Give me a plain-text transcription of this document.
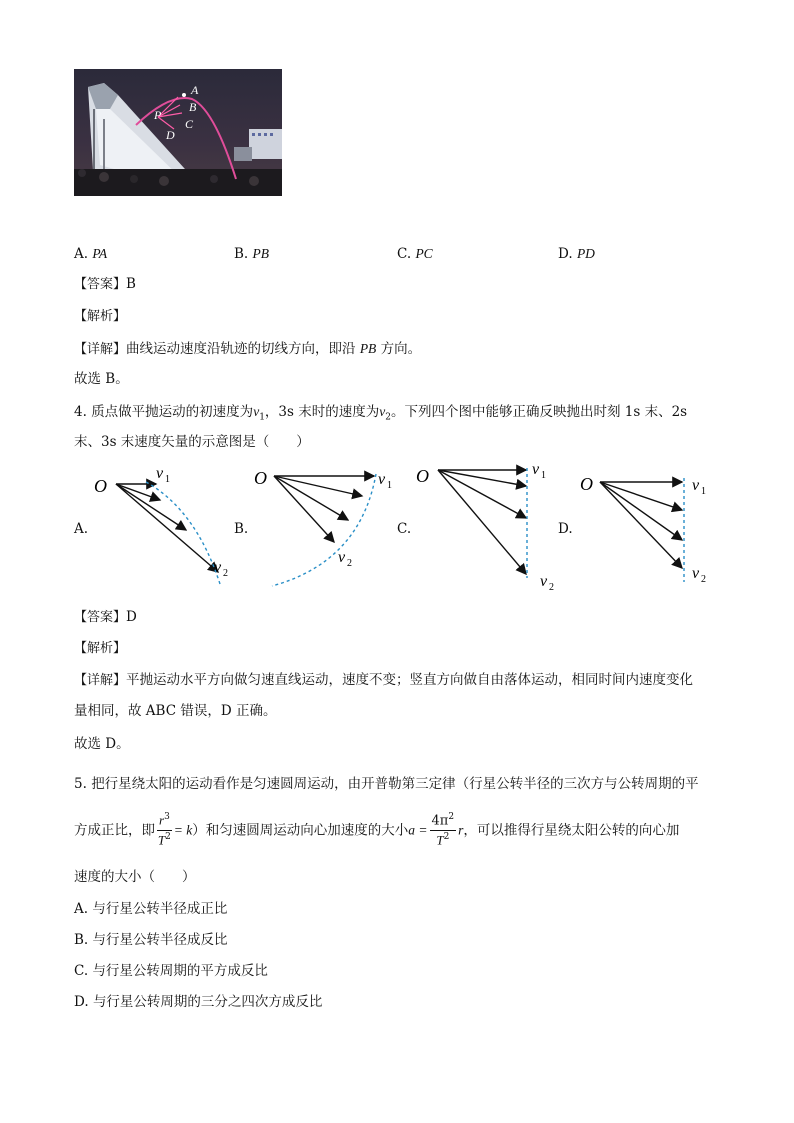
A
B
C
P
D
A. PA	B. PB	C. PC	D. PD
【答案】B
【解析】
【详解】曲线运动速度沿轨迹的切线方向，即沿 PB 方向。
故选 B。
4. 质点做平抛运动的初速度为$v_1$，3s 末时的速度为$v_2$。下列四个图中能够正确反映抛出时刻 1s 末、2s
末、3s 末速度矢量的示意图是（　　）
A.	B.	C.	D.
O
v 1
v 2
O	v 1
v 2
O	v 1
v 2
O	v 1
v 2
【答案】D
【解析】
【详解】平抛运动水平方向做匀速直线运动，速度不变；竖直方向做自由落体运动，相同时间内速度变化
量相同，故 ABC 错误，D 正确。
故选 D。
5. 把行星绕太阳的运动看作是匀速圆周运动，由开普勒第三定律（行星公转半径的三次方与公转周期的平
方成正比，即 $\frac{r^3}{T^2} = k$）和匀速圆周运动向心加速度的大小$a = \frac{4\pi^2}{T^2}$ r，可以推得行星绕太阳公转的向心加
速度的大小（　　）
A. 与行星公转半径成正比
B. 与行星公转半径成反比
C. 与行星公转周期的平方成反比
D. 与行星公转周期的三分之四次方成反比
